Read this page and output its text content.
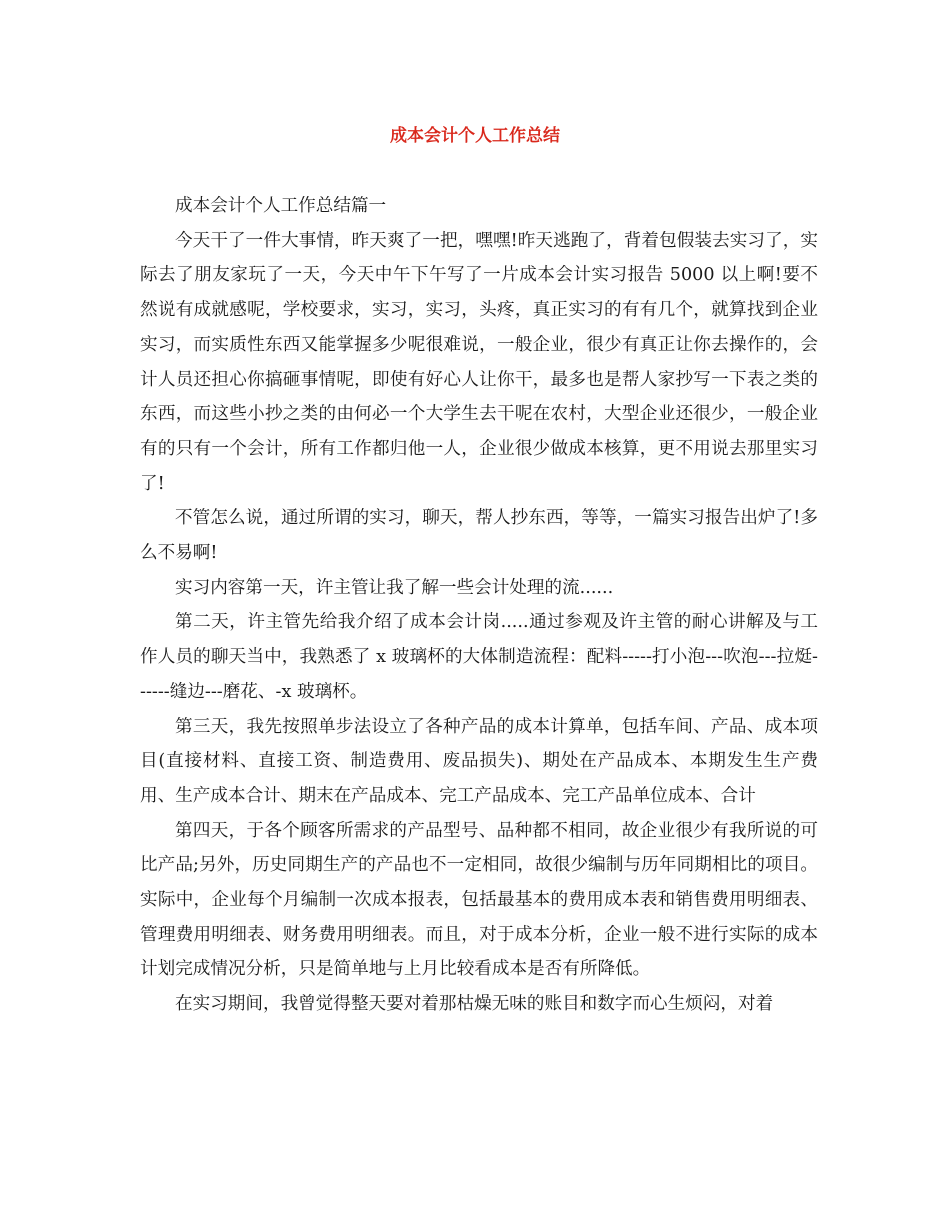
成本会计个人工作总结

成本会计个人工作总结篇一

今天干了一件大事情，昨天爽了一把，嘿嘿!昨天逃跑了，背着包假装去实习了，实际去了朋友家玩了一天，今天中午下午写了一片成本会计实习报告 5000 以上啊!要不然说有成就感呢，学校要求，实习，实习，头疼，真正实习的有有几个，就算找到企业实习，而实质性东西又能掌握多少呢很难说，一般企业，很少有真正让你去操作的，会计人员还担心你搞砸事情呢，即使有好心人让你干，最多也是帮人家抄写一下表之类的东西，而这些小抄之类的由何必一个大学生去干呢在农村，大型企业还很少，一般企业有的只有一个会计，所有工作都归他一人，企业很少做成本核算，更不用说去那里实习了!

不管怎么说，通过所谓的实习，聊天，帮人抄东西，等等，一篇实习报告出炉了!多么不易啊!

实习内容第一天，许主管让我了解一些会计处理的流......

第二天，许主管先给我介绍了成本会计岗.....通过参观及许主管的耐心讲解及与工作人员的聊天当中，我熟悉了 x 玻璃杯的大体制造流程：配料-----打小泡---吹泡---拉烶------缝边---磨花、-x 玻璃杯。

第三天，我先按照单步法设立了各种产品的成本计算单，包括车间、产品、成本项目(直接材料、直接工资、制造费用、废品损失)、期处在产品成本、本期发生生产费用、生产成本合计、期末在产品成本、完工产品成本、完工产品单位成本、合计

第四天，于各个顾客所需求的产品型号、品种都不相同，故企业很少有我所说的可比产品;另外，历史同期生产的产品也不一定相同，故很少编制与历年同期相比的项目。实际中，企业每个月编制一次成本报表，包括最基本的费用成本表和销售费用明细表、管理费用明细表、财务费用明细表。而且，对于成本分析，企业一般不进行实际的成本计划完成情况分析，只是简单地与上月比较看成本是否有所降低。

在实习期间，我曾觉得整天要对着那枯燥无味的账目和数字而心生烦闷，对着
